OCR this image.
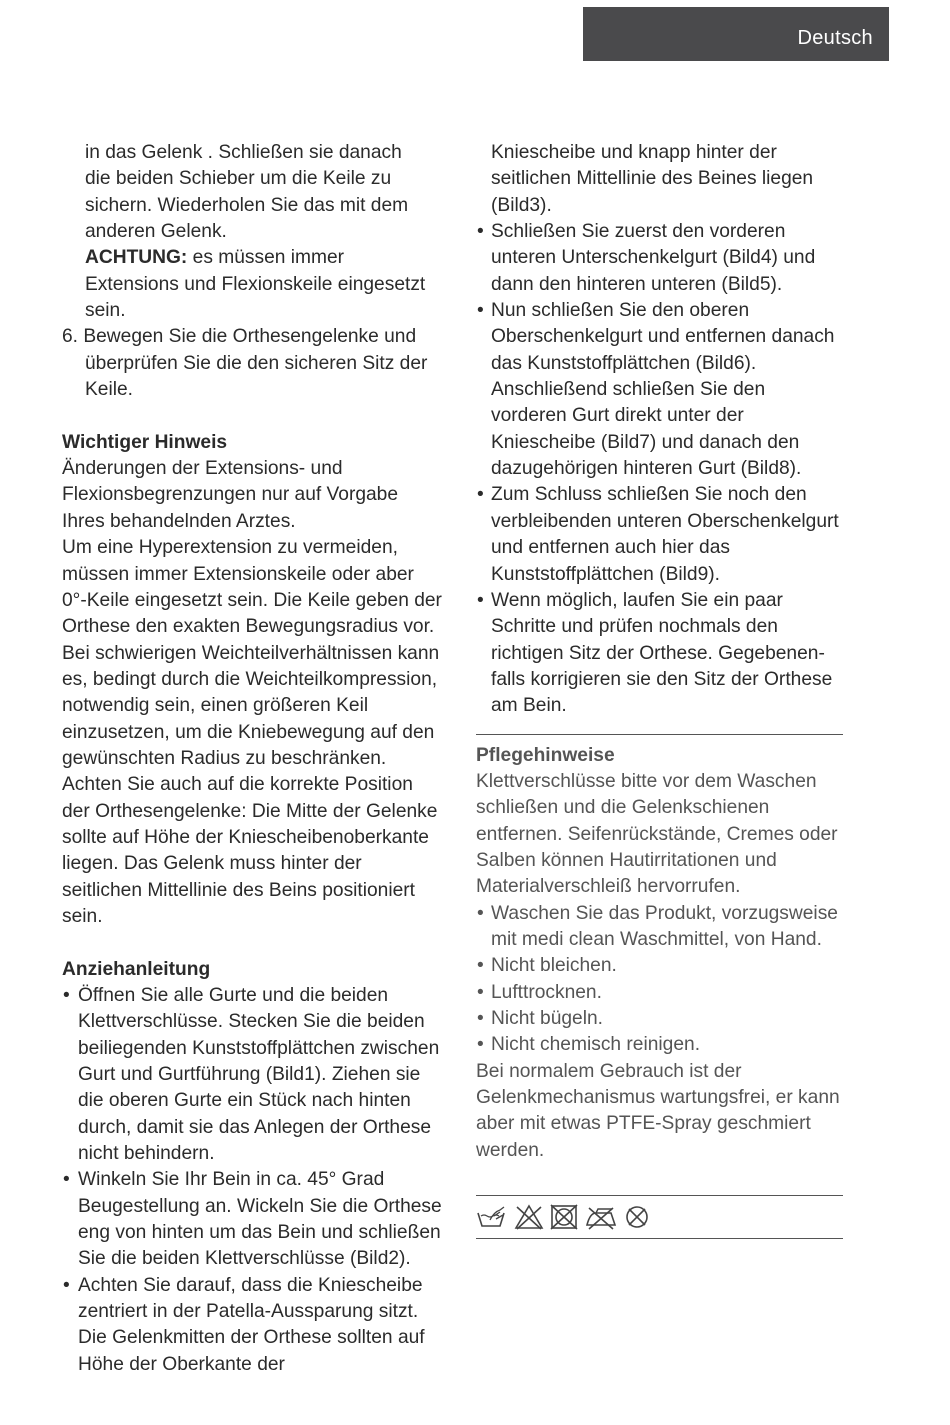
Deutsch

in das Gelenk . Schließen sie danach

die beiden Schieber um die Keile zu

sichern. Wiederholen Sie das mit dem

anderen Gelenk.

ACHTUNG: es müssen immer Extensions und Flexionskeile eingesetzt sein.

6. Bewegen Sie die Orthesengelenke und überprüfen Sie die den sicheren Sitz der Keile.

Wichtiger Hinweis

Änderungen der Extensions- und Flexionsbegrenzungen nur auf Vorgabe Ihres behandelnden Arztes.

Um eine Hyperextension zu vermeiden, müssen immer Extensionskeile oder aber 0°-Keile eingesetzt sein. Die Keile geben der Orthese den exakten Bewegungsradius vor. Bei schwierigen Weichteilverhältnissen kann es, bedingt durch die Weichteilkompression, notwendig sein, einen größeren Keil einzusetzen, um die Kniebewegung auf den gewünschten Radius zu beschränken. Achten Sie auch auf die korrekte Position der Orthesengelenke: Die Mitte der Gelenke sollte auf Höhe der Kniescheibenoberkante liegen. Das Gelenk muss hinter der seitlichen Mittellinie des Beins positioniert sein.

Anziehanleitung

• Öffnen Sie alle Gurte und die beiden Klettverschlüsse. Stecken Sie die beiden beiliegenden Kunststoffplättchen zwischen Gurt und Gurtführung (Bild1). Ziehen sie die oberen Gurte ein Stück nach hinten durch, damit sie das Anlegen der Orthese nicht behindern.
• Winkeln Sie Ihr Bein in ca. 45° Grad Beugestellung an. Wickeln Sie die Orthese eng von hinten um das Bein und schließen Sie die beiden Klettverschlüsse (Bild2).
• Achten Sie darauf, dass die Kniescheibe zentriert in der Patella-Aussparung sitzt. Die Gelenkmitten der Orthese sollten auf Höhe der Oberkante der

Kniescheibe und knapp hinter der seitlichen Mittellinie des Beines liegen (Bild3).

• Schließen Sie zuerst den vorderen unteren Unterschenkelgurt (Bild4) und dann den hinteren unteren (Bild5).
• Nun schließen Sie den oberen Oberschenkelgurt und entfernen danach das Kunststoffplättchen (Bild6). Anschließend schließen Sie den vorderen Gurt direkt unter der Kniescheibe (Bild7) und danach den dazugehörigen hinteren Gurt (Bild8).
• Zum Schluss schließen Sie noch den verbleibenden unteren Oberschenkelgurt und entfernen auch hier das Kunststoffplättchen (Bild9).
• Wenn möglich, laufen Sie ein paar Schritte und prüfen nochmals den richtigen Sitz der Orthese. Gegebenenfalls korrigieren sie den Sitz der Orthese am Bein.

Pflegehinweise

Klettverschlüsse bitte vor dem Waschen schließen und die Gelenkschienen entfernen. Seifenrückstände, Cremes oder Salben können Hautirritationen und Materialverschleiß hervorrufen.

• Waschen Sie das Produkt, vorzugsweise mit medi clean Waschmittel, von Hand.
• Nicht bleichen.
• Lufttrocknen.
• Nicht bügeln.
• Nicht chemisch reinigen.

Bei normalem Gebrauch ist der Gelenkmechanismus wartungsfrei, er kann aber mit etwas PTFE-Spray geschmiert werden.
